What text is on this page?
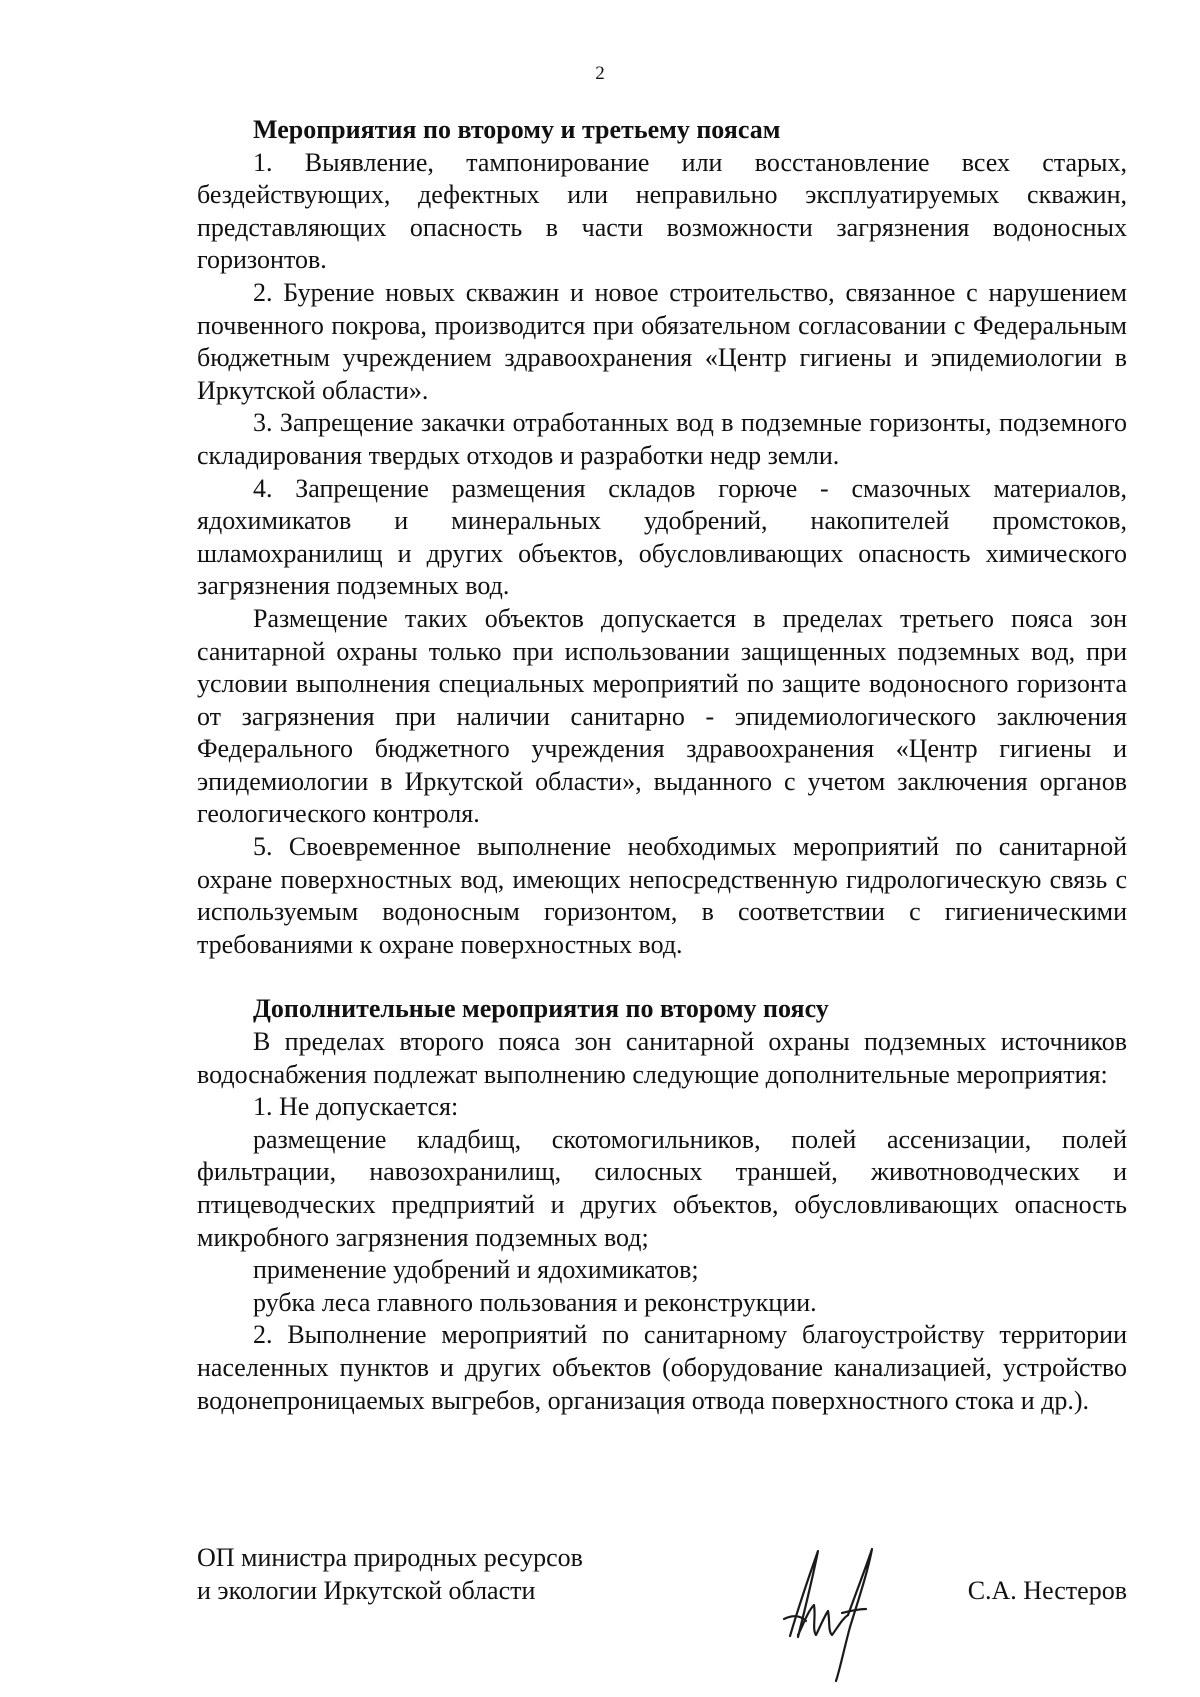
2

Мероприятия по второму и третьему поясам

1. Выявление, тампонирование или восстановление всех старых, бездействующих, дефектных или неправильно эксплуатируемых скважин, представляющих опасность в части возможности загрязнения водоносных горизонтов.

2. Бурение новых скважин и новое строительство, связанное с нарушением почвенного покрова, производится при обязательном согласовании с Федеральным бюджетным учреждением здравоохранения «Центр гигиены и эпидемиологии в Иркутской области».

3. Запрещение закачки отработанных вод в подземные горизонты, подземного складирования твердых отходов и разработки недр земли.

4. Запрещение размещения складов горюче - смазочных материалов, ядохимикатов и минеральных удобрений, накопителей промстоков, шламохранилищ и других объектов, обусловливающих опасность химического загрязнения подземных вод.

Размещение таких объектов допускается в пределах третьего пояса зон санитарной охраны только при использовании защищенных подземных вод, при условии выполнения специальных мероприятий по защите водоносного горизонта от загрязнения при наличии санитарно - эпидемиологического заключения Федерального бюджетного учреждения здравоохранения «Центр гигиены и эпидемиологии в Иркутской области», выданного с учетом заключения органов геологического контроля.

5. Своевременное выполнение необходимых мероприятий по санитарной охране поверхностных вод, имеющих непосредственную гидрологическую связь с используемым водоносным горизонтом, в соответствии с гигиеническими требованиями к охране поверхностных вод.

Дополнительные мероприятия по второму поясу

В пределах второго пояса зон санитарной охраны подземных источников водоснабжения подлежат выполнению следующие дополнительные мероприятия:

1. Не допускается:

размещение кладбищ, скотомогильников, полей ассенизации, полей фильтрации, навозохранилищ, силосных траншей, животноводческих и птицеводческих предприятий и других объектов, обусловливающих опасность микробного загрязнения подземных вод;

применение удобрений и ядохимикатов;

рубка леса главного пользования и реконструкции.

2. Выполнение мероприятий по санитарному благоустройству территории населенных пунктов и других объектов (оборудование канализацией, устройство водонепроницаемых выгребов, организация отвода поверхностного стока и др.).

ОП министра природных ресурсов
и экологии Иркутской области	С.А. Нестеров
